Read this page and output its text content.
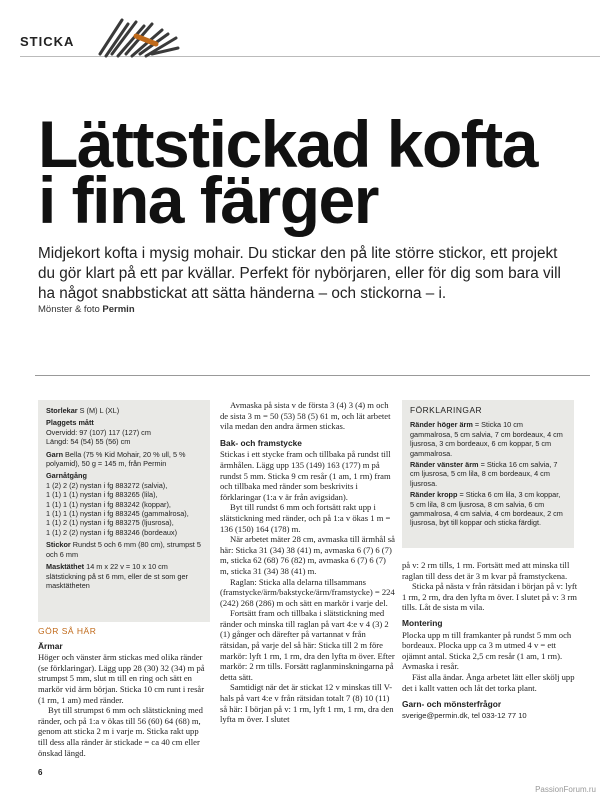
STICKA
Lättstickad kofta
i fina färger
Midjekort kofta i mysig mohair. Du stickar den på lite större stickor, ett projekt du gör klart på ett par kvällar. Perfekt för nybörjaren, eller för dig som bara vill ha något snabbstickat att sätta händerna – och stickorna – i.
Mönster & foto Permin

Storlekar S (M) L (XL)

Plaggets mått

Overvidd: 97 (107) 117 (127) cm

Längd: 54 (54) 55 (56) cm

Garn Bella (75 % Kid Mohair, 20 % ull, 5 % polyamid), 50 g = 145 m, från Permin

Garnåtgång

1 (2) 2 (2) nystan i fg 883272 (salvia),

1 (1) 1 (1) nystan i fg 883265 (lila),

1 (1) 1 (1) nystan i fg 883242 (koppar),

1 (1) 1 (1) nystan i fg 883245 (gammalrosa),

1 (1) 2 (1) nystan i fg 883275 (ljusrosa),

1 (1) 2 (2) nystan i fg 883246 (bordeaux)

Stickor Rundst 5 och 6 mm (80 cm), strumpst 5 och 6 mm

Masktäthet 14 m x 22 v = 10 x 10 cm slätstickning på st 6 mm, eller de st som ger masktätheten

GÖR SÅ HÄR
Ärmar

Höger och vänster ärm stickas med olika ränder (se förklaringar). Lägg upp 28 (30) 32 (34) m på strumpst 5 mm, slut m till en ring och sätt en markör vid ärm början. Sticka 10 cm runt i resår (1 rm, 1 am) med ränder.

Byt till strumpst 6 mm och slätstickning med ränder, och på 1:a v ökas till 56 (60) 64 (68) m, genom att sticka 2 m i varje m. Sticka rakt upp till dess alla ränder är stickade = ca 40 cm eller önskad längd.

Avmaska på sista v de första 3 (4) 3 (4) m och de sista 3 m = 50 (53) 58 (5) 61 m, och lät arbetet vila medan den andra ärmen stickas.

Bak- och framstycke

Stickas i ett stycke fram och tillbaka på rundst till ärmhålen. Lägg upp 135 (149) 163 (177) m på rundst 5 mm. Sticka 9 cm resår (1 am, 1 rm) fram och tillbaka med ränder som beskrivits i förklaringar (1:a v är från avigsidan).

Byt till rundst 6 mm och fortsätt rakt upp i slätstickning med ränder, och på 1:a v ökas 1 m = 136 (150) 164 (178) m.

När arbetet mäter 28 cm, avmaska till ärmhål så här: Sticka 31 (34) 38 (41) m, avmaska 6 (7) 6 (7) m, sticka 62 (68) 76 (82) m, avmaska 6 (7) 6 (7) m, sticka 31 (34) 38 (41) m.

Raglan: Sticka alla delarna tillsammans (framstycke/ärm/bakstycke/ärm/framstycke) = 224 (242) 268 (286) m och sätt en markör i varje del.

Fortsätt fram och tillbaka i slätstickning med ränder och minska till raglan på vart 4:e v 4 (3) 2 (1) gånger och därefter på vartannat v från rätsidan, på varje del så här: Sticka till 2 m före markör: lyft 1 rm, 1 rm, dra den lyfta m över. Efter markör: 2 rm tills. Forsätt raglanminskningarna på detta sätt.

Samtidigt när det är stickat 12 v minskas till V-hals på vart 4:e v från rätsidan totalt 7 (8) 10 (11) så här: I början på v: 1 rm, lyft 1 rm, 1 rm, dra den lyfta m över. I slutet

FÖRKLARINGAR

Ränder höger ärm = Sticka 10 cm gammalrosa, 5 cm salvia, 7 cm bordeaux, 4 cm ljusrosa, 3 cm bordeaux, 6 cm koppar, 5 cm gammalrosa.

Ränder vänster ärm = Sticka 16 cm salvia, 7 cm ljusrosa, 5 cm lila, 8 cm bordeaux, 4 cm ljusrosa.

Ränder kropp = Sticka 6 cm lila, 3 cm koppar, 5 cm lila, 8 cm ljusrosa, 8 cm salvia, 6 cm gammalrosa, 4 cm salvia, 4 cm bordeaux, 2 cm ljusrosa, byt till koppar och sticka färdigt.

på v: 2 rm tills, 1 rm. Fortsätt med att minska till raglan till dess det är 3 m kvar på framstyckena.

Sticka på nästa v från rätsidan i början på v: lyft 1 rm, 2 rm, dra den lyfta m över. I slutet på v: 3 rm tills. Låt de sista m vila.

Montering

Plocka upp m till framkanter på rundst 5 mm och bordeaux. Plocka upp ca 3 m utmed 4 v = ett ojämnt antal. Sticka 2,5 cm resår (1 am, 1 rm). Avmaska i resår.

Fäst alla ändar. Ånga arbetet lätt eller skölj upp det i kallt vatten och låt det torka plant.

Garn- och mönsterfrågor

sverige@permin.dk, tel 033-12 77 10

6
PassionForum.ru
